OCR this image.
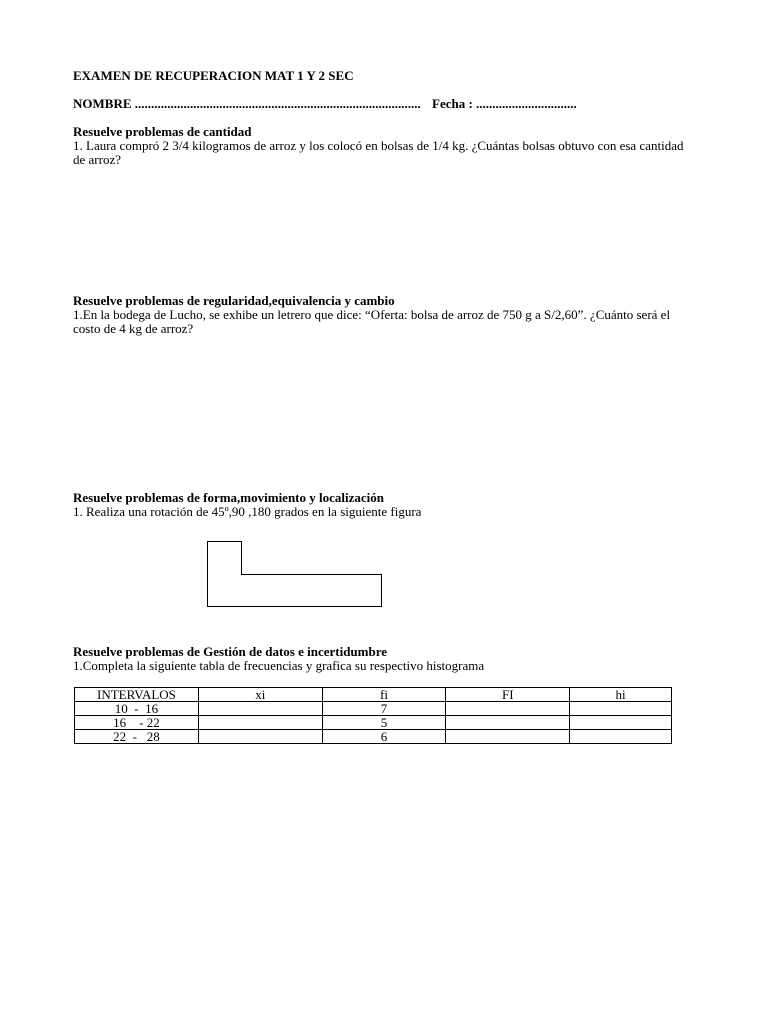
EXAMEN DE RECUPERACION MAT 1 Y 2 SEC
NOMBRE ........................................................................................ Fecha : ...............................
Resuelve problemas de cantidad
1. Laura compró 2 3/4 kilogramos de arroz y los colocó en bolsas de 1/4 kg. ¿Cuántas bolsas obtuvo con esa cantidad de arroz?
Resuelve problemas de regularidad,equivalencia y cambio
1.En la bodega de Lucho, se exhibe un letrero que dice: “Oferta: bolsa de arroz de 750 g a S/2,60”. ¿Cuánto será el costo de 4 kg de arroz?
Resuelve problemas de forma,movimiento y localización
1. Realiza una rotación de 45º,90 ,180 grados en la siguiente figura
Resuelve problemas de Gestión de datos e incertidumbre
1.Completa la siguiente tabla de frecuencias y grafica su respectivo histograma
INTERVALOS	xi	fi	FI	hi
10  -  16		7		
16    - 22		5		
22  -   28		6		
